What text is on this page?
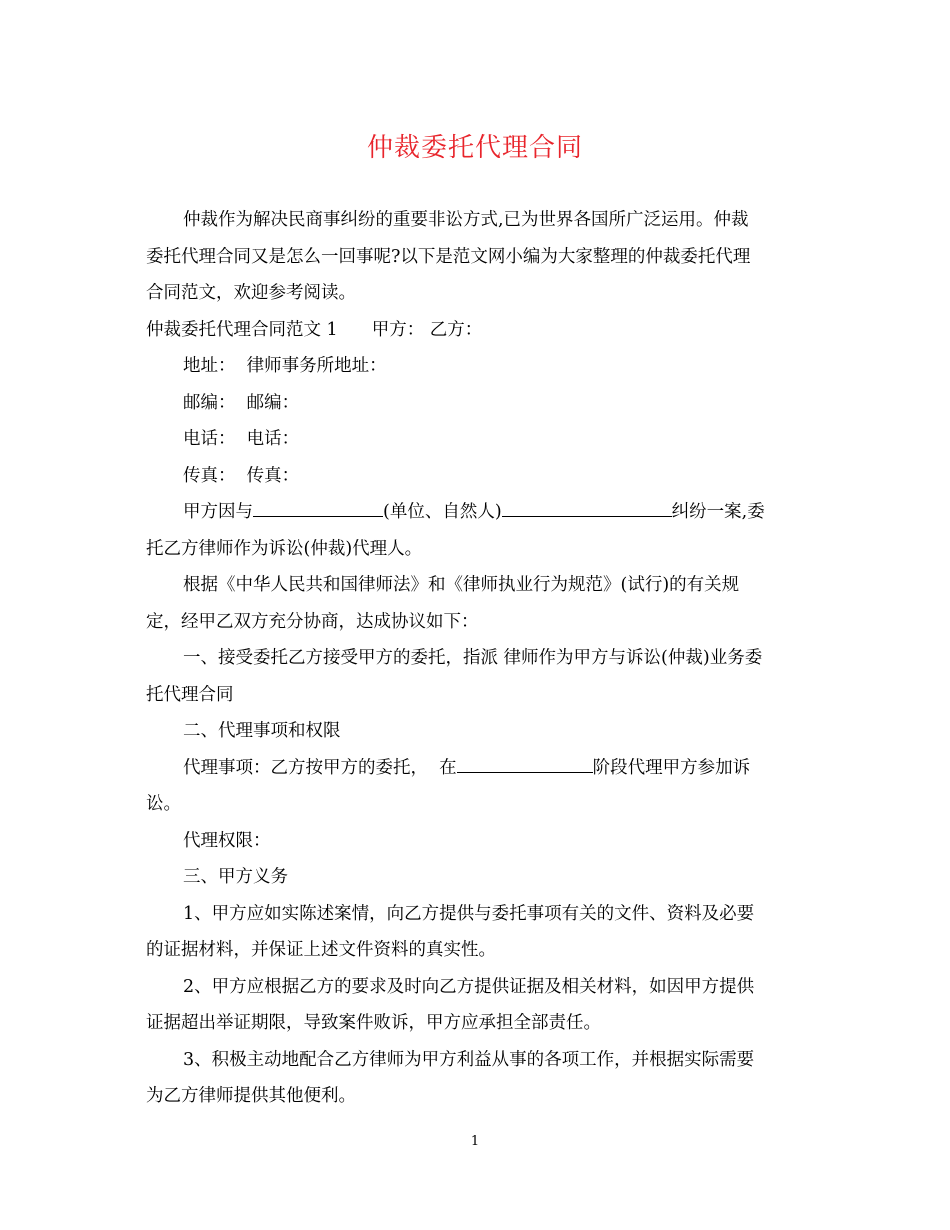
仲裁委托代理合同
仲裁作为解决民商事纠纷的重要非讼方式,已为世界各国所广泛运用。仲裁
委托代理合同又是怎么一回事呢?以下是范文网小编为大家整理的仲裁委托代理
合同范文，欢迎参考阅读。
仲裁委托代理合同范文 1 甲方： 乙方：
地址：  律师事务所地址：
邮编：  邮编：
电话：  电话：
传真：  传真：
甲方因与	(单位、自然人)	纠纷一案,委
托乙方律师作为诉讼(仲裁)代理人。
根据《中华人民共和国律师法》和《律师执业行为规范》(试行)的有关规
定，经甲乙双方充分协商，达成协议如下：
一、接受委托乙方接受甲方的委托，指派 律师作为甲方与诉讼(仲裁)业务委
托代理合同
二、代理事项和权限
代理事项：乙方按甲方的委托，  在	阶段代理甲方参加诉
讼。
代理权限：
三、甲方义务
1、甲方应如实陈述案情，向乙方提供与委托事项有关的文件、资料及必要
的证据材料，并保证上述文件资料的真实性。
2、甲方应根据乙方的要求及时向乙方提供证据及相关材料，如因甲方提供
证据超出举证期限，导致案件败诉，甲方应承担全部责任。
3、积极主动地配合乙方律师为甲方利益从事的各项工作，并根据实际需要
为乙方律师提供其他便利。
1
